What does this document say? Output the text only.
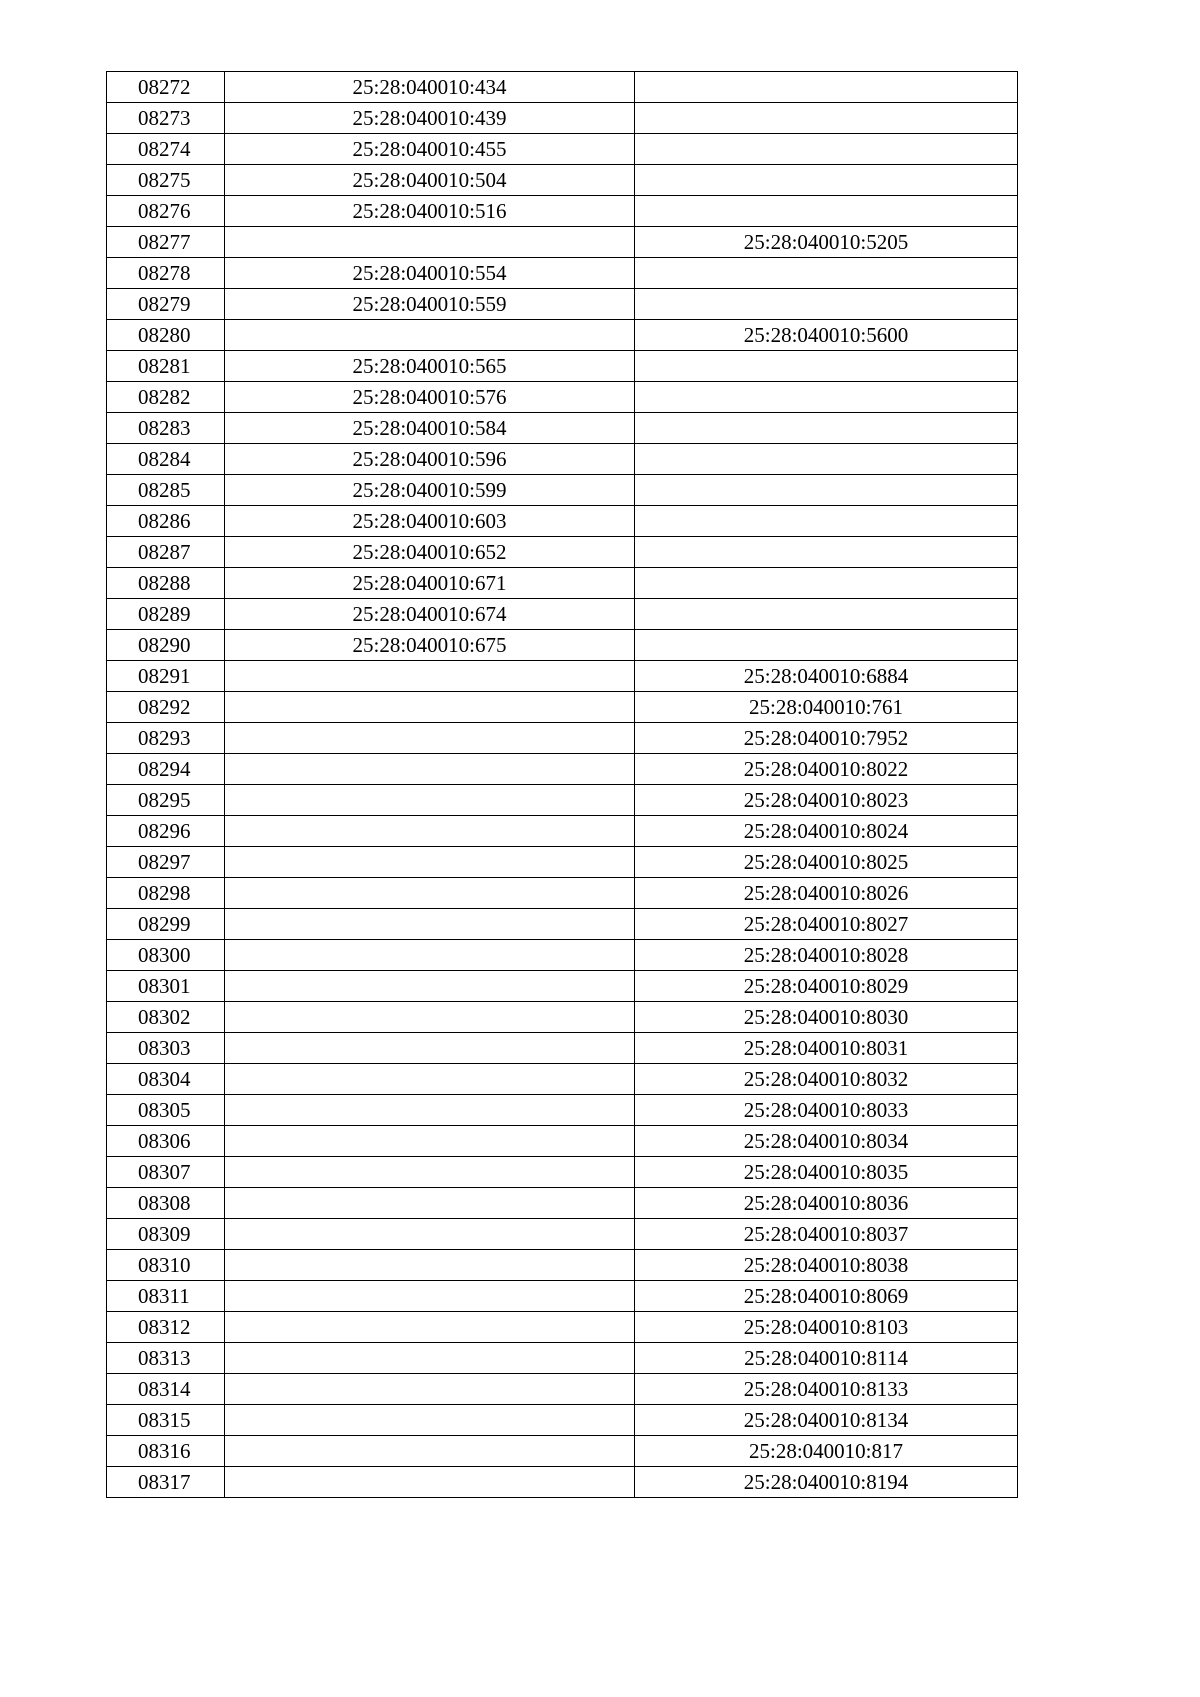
08272	25:28:040010:434	
08273	25:28:040010:439	
08274	25:28:040010:455	
08275	25:28:040010:504	
08276	25:28:040010:516	
08277		25:28:040010:5205
08278	25:28:040010:554	
08279	25:28:040010:559	
08280		25:28:040010:5600
08281	25:28:040010:565	
08282	25:28:040010:576	
08283	25:28:040010:584	
08284	25:28:040010:596	
08285	25:28:040010:599	
08286	25:28:040010:603	
08287	25:28:040010:652	
08288	25:28:040010:671	
08289	25:28:040010:674	
08290	25:28:040010:675	
08291		25:28:040010:6884
08292		25:28:040010:761
08293		25:28:040010:7952
08294		25:28:040010:8022
08295		25:28:040010:8023
08296		25:28:040010:8024
08297		25:28:040010:8025
08298		25:28:040010:8026
08299		25:28:040010:8027
08300		25:28:040010:8028
08301		25:28:040010:8029
08302		25:28:040010:8030
08303		25:28:040010:8031
08304		25:28:040010:8032
08305		25:28:040010:8033
08306		25:28:040010:8034
08307		25:28:040010:8035
08308		25:28:040010:8036
08309		25:28:040010:8037
08310		25:28:040010:8038
08311		25:28:040010:8069
08312		25:28:040010:8103
08313		25:28:040010:8114
08314		25:28:040010:8133
08315		25:28:040010:8134
08316		25:28:040010:817
08317		25:28:040010:8194
